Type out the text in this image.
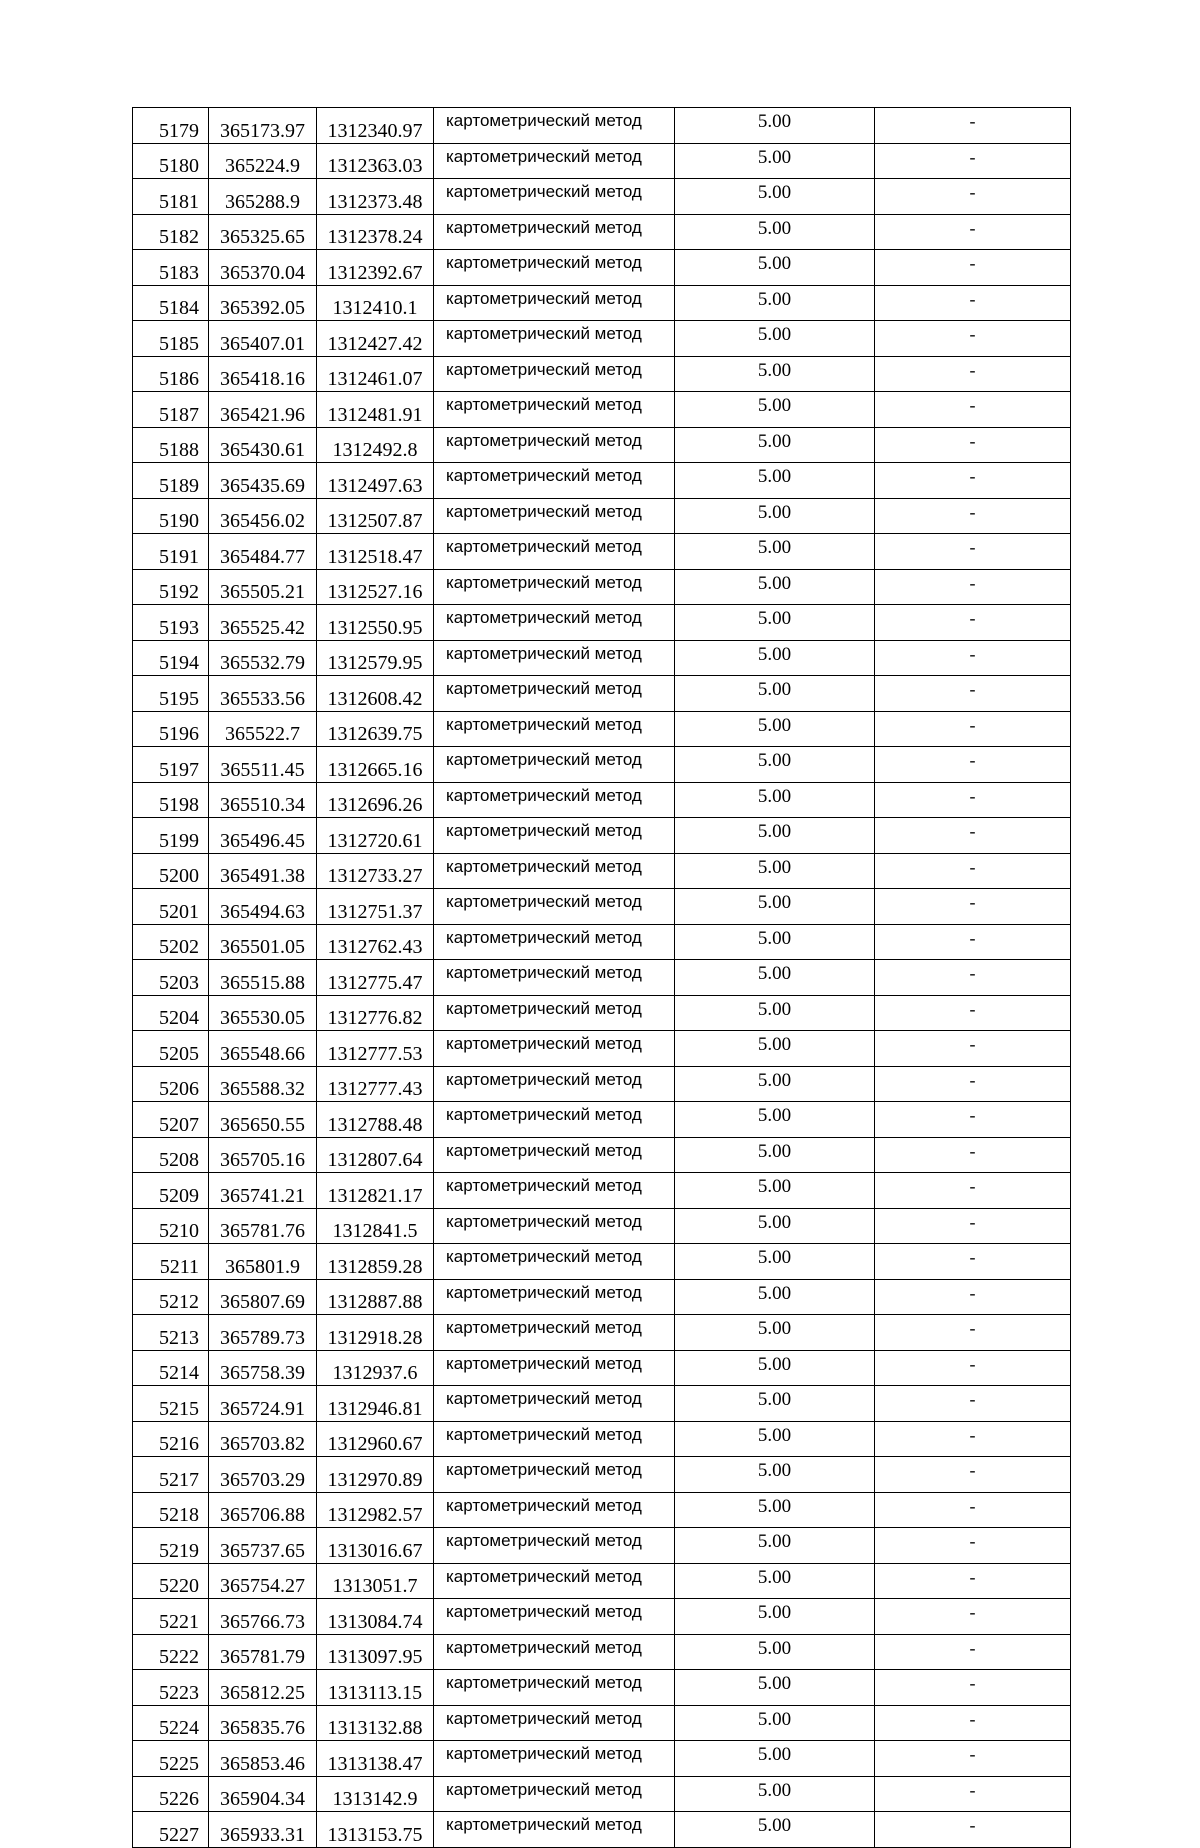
5179	365173.97	1312340.97	картометрический метод	5.00	-
5180	365224.9	1312363.03	картометрический метод	5.00	-
5181	365288.9	1312373.48	картометрический метод	5.00	-
5182	365325.65	1312378.24	картометрический метод	5.00	-
5183	365370.04	1312392.67	картометрический метод	5.00	-
5184	365392.05	1312410.1	картометрический метод	5.00	-
5185	365407.01	1312427.42	картометрический метод	5.00	-
5186	365418.16	1312461.07	картометрический метод	5.00	-
5187	365421.96	1312481.91	картометрический метод	5.00	-
5188	365430.61	1312492.8	картометрический метод	5.00	-
5189	365435.69	1312497.63	картометрический метод	5.00	-
5190	365456.02	1312507.87	картометрический метод	5.00	-
5191	365484.77	1312518.47	картометрический метод	5.00	-
5192	365505.21	1312527.16	картометрический метод	5.00	-
5193	365525.42	1312550.95	картометрический метод	5.00	-
5194	365532.79	1312579.95	картометрический метод	5.00	-
5195	365533.56	1312608.42	картометрический метод	5.00	-
5196	365522.7	1312639.75	картометрический метод	5.00	-
5197	365511.45	1312665.16	картометрический метод	5.00	-
5198	365510.34	1312696.26	картометрический метод	5.00	-
5199	365496.45	1312720.61	картометрический метод	5.00	-
5200	365491.38	1312733.27	картометрический метод	5.00	-
5201	365494.63	1312751.37	картометрический метод	5.00	-
5202	365501.05	1312762.43	картометрический метод	5.00	-
5203	365515.88	1312775.47	картометрический метод	5.00	-
5204	365530.05	1312776.82	картометрический метод	5.00	-
5205	365548.66	1312777.53	картометрический метод	5.00	-
5206	365588.32	1312777.43	картометрический метод	5.00	-
5207	365650.55	1312788.48	картометрический метод	5.00	-
5208	365705.16	1312807.64	картометрический метод	5.00	-
5209	365741.21	1312821.17	картометрический метод	5.00	-
5210	365781.76	1312841.5	картометрический метод	5.00	-
5211	365801.9	1312859.28	картометрический метод	5.00	-
5212	365807.69	1312887.88	картометрический метод	5.00	-
5213	365789.73	1312918.28	картометрический метод	5.00	-
5214	365758.39	1312937.6	картометрический метод	5.00	-
5215	365724.91	1312946.81	картометрический метод	5.00	-
5216	365703.82	1312960.67	картометрический метод	5.00	-
5217	365703.29	1312970.89	картометрический метод	5.00	-
5218	365706.88	1312982.57	картометрический метод	5.00	-
5219	365737.65	1313016.67	картометрический метод	5.00	-
5220	365754.27	1313051.7	картометрический метод	5.00	-
5221	365766.73	1313084.74	картометрический метод	5.00	-
5222	365781.79	1313097.95	картометрический метод	5.00	-
5223	365812.25	1313113.15	картометрический метод	5.00	-
5224	365835.76	1313132.88	картометрический метод	5.00	-
5225	365853.46	1313138.47	картометрический метод	5.00	-
5226	365904.34	1313142.9	картометрический метод	5.00	-
5227	365933.31	1313153.75	картометрический метод	5.00	-
